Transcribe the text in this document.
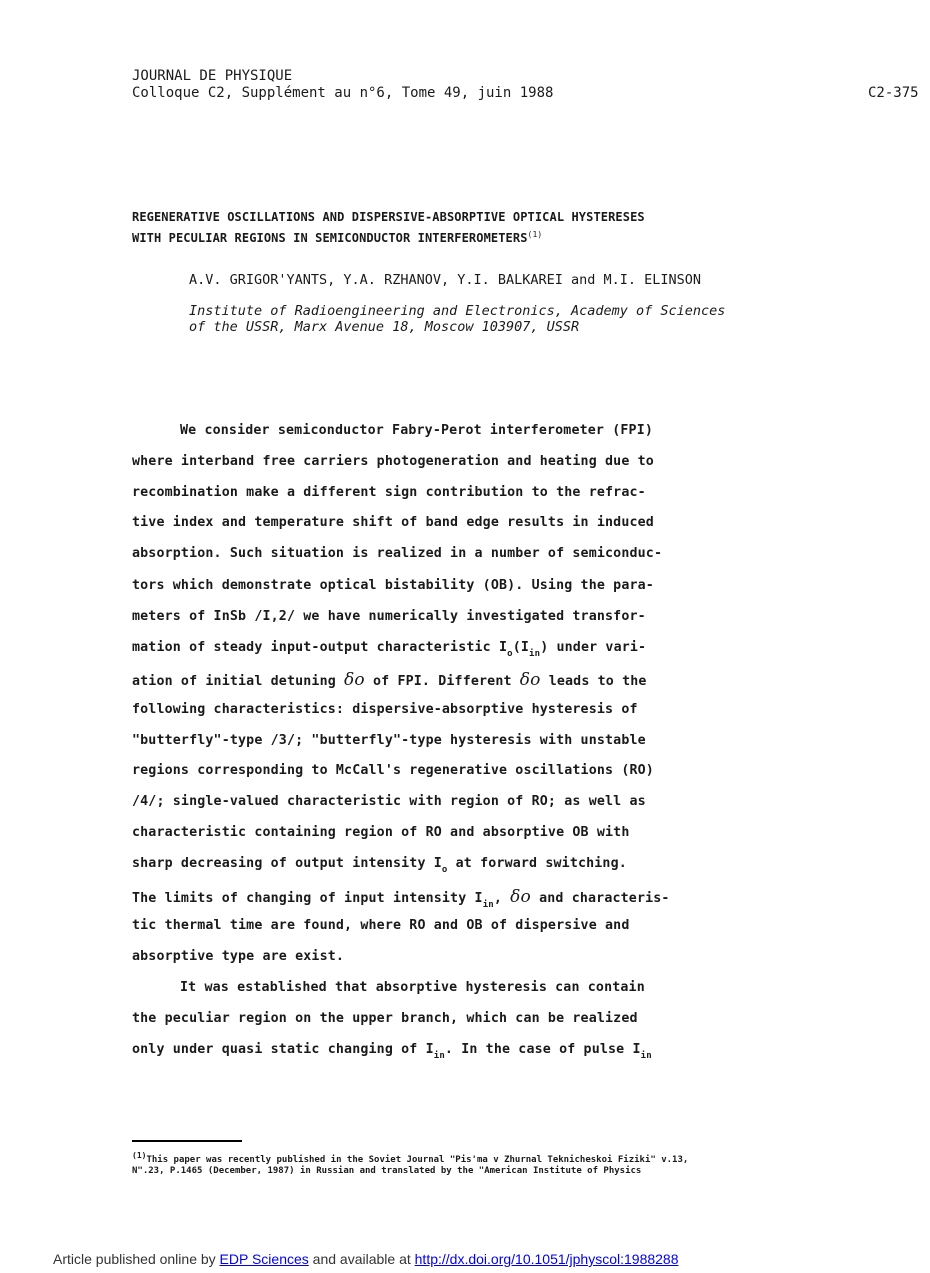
JOURNAL DE PHYSIQUE
Colloque C2, Supplément au n°6, Tome 49, juin 1988	C2-375
REGENERATIVE OSCILLATIONS AND DISPERSIVE-ABSORPTIVE OPTICAL HYSTERESES
WITH PECULIAR REGIONS IN SEMICONDUCTOR INTERFEROMETERS$^{(1)}$
A.V. GRIGOR'YANTS, Y.A. RZHANOV, Y.I. BALKAREI and M.I. ELINSON
Institute of Radioengineering and Electronics, Academy of Sciences
of the USSR, Marx Avenue 18, Moscow 103907, USSR
We consider semiconductor Fabry-Perot interferometer (FPI)
where interband free carriers photogeneration and heating due to
recombination make a different sign contribution to the refrac-
tive index and temperature shift of band edge results in induced
absorption. Such situation is realized in a number of semiconduc-
tors which demonstrate optical bistability (OB). Using the para-
meters of InSb /I,2/ we have numerically investigated transfor-
mation of steady input-output characteristic $I_o(I_{in})$ under vari-
ation of initial detuning δo of FPI. Different δo leads to the
following characteristics: dispersive-absorptive hysteresis of
"butterfly"-type /3/; "butterfly"-type hysteresis with unstable
regions corresponding to McCall's regenerative oscillations (RO)
/4/; single-valued characteristic with region of RO; as well as
characteristic containing region of RO and absorptive OB with
sharp decreasing of output intensity $I_o$ at forward switching.
The limits of changing of input intensity $I_{in}$, δo and characteris-
tic thermal time are found, where RO and OB of dispersive and
absorptive type are exist.
It was established that absorptive hysteresis can contain
the peculiar region on the upper branch, which can be realized
only under quasi static changing of $I_{in}$. In the case of pulse $I_{in}$
$^{(1)}$This paper was recently published in the Soviet Journal "Pis'ma v Zhurnal Teknicheskoi Fiziki" v.13,
N".23, P.1465 (December, 1987) in Russian and translated by the "American Institute of Physics
Article published online by EDP Sciences and available at http://dx.doi.org/10.1051/jphyscol:1988288
